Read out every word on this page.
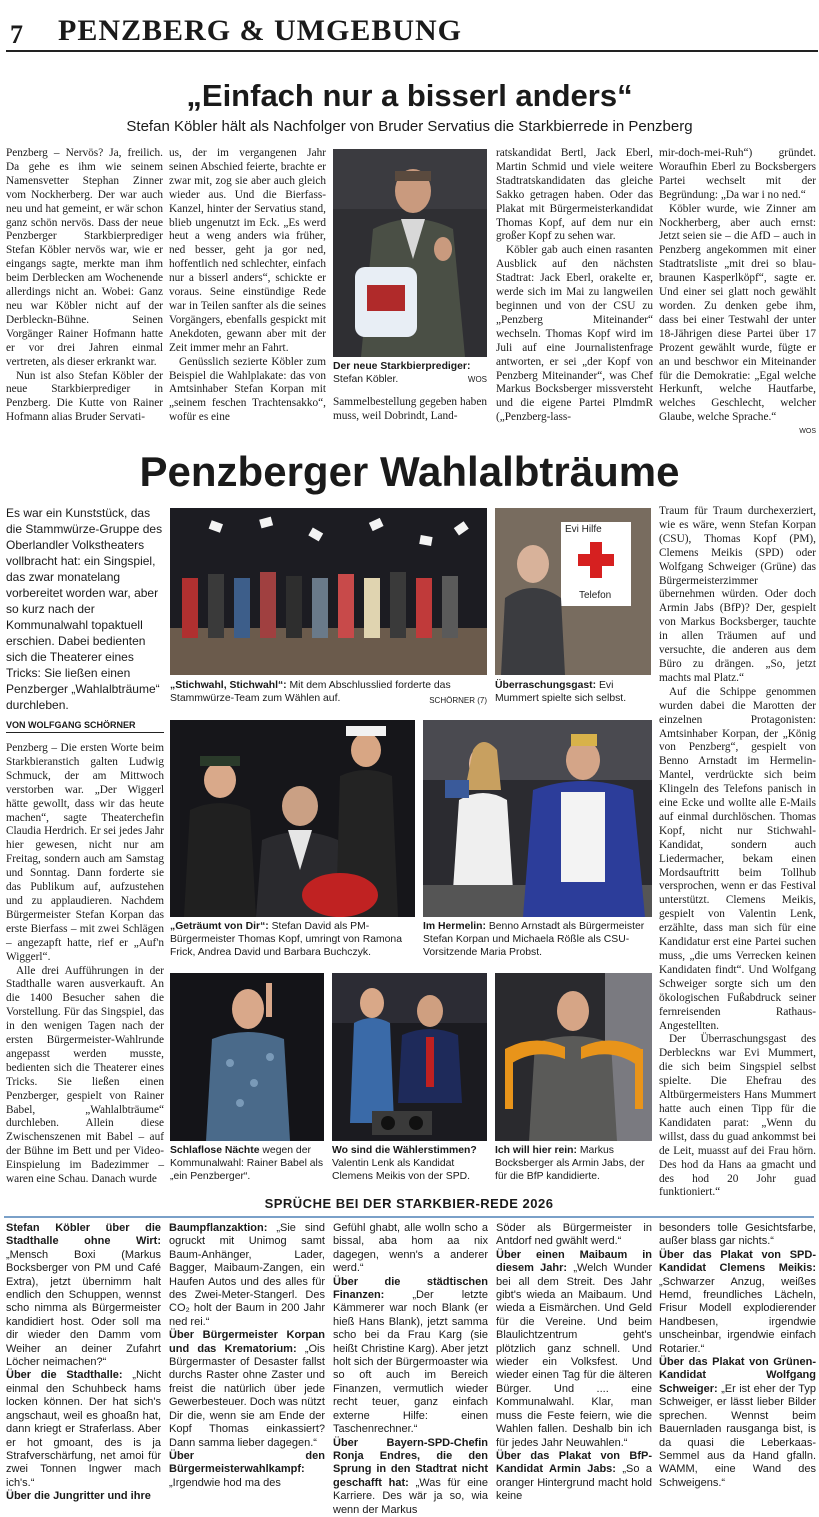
7 PENZBERG & UMGEBUNG
„Einfach nur a bisserl anders“
Stefan Köbler hält als Nachfolger von Bruder Servatius die Starkbierrede in Penzberg

Penzberg – Nervös? Ja, freilich. Da gehe es ihm wie seinem Namensvetter Stephan Zinner vom Nockherberg. Der war auch neu und hat gemeint, er wär schon ganz schön nervös. Dass der neue Penzberger Starkbierprediger Stefan Köbler nervös war, wie er eingangs sagte, merkte man ihm beim Derblecken am Wochenende allerdings nicht an. Wobei: Ganz neu war Köbler nicht auf der Derbleckn-Bühne. Seinen Vorgänger Rainer Hofmann hatte er vor drei Jahren einmal vertreten, als dieser erkrankt war.

Nun ist also Stefan Köbler der neue Starkbierprediger in Penzberg. Die Kutte von Rainer Hofmann alias Bruder Servati-

us, der im vergangenen Jahr seinen Abschied feierte, brachte er zwar mit, zog sie aber auch gleich wieder aus. Und die Bierfass-Kanzel, hinter der Servatius stand, blieb ungenutzt im Eck. „Es werd heut a weng anders wia früher, ned besser, geht ja gor ned, hoffentlich ned schlechter, einfach nur a bisserl anders“, schickte er voraus. Seine einstündige Rede war in Teilen sanfter als die seines Vorgängers, ebenfalls gespickt mit Anekdoten, gewann aber mit der Zeit immer mehr an Fahrt.

Genüsslich sezierte Köbler zum Beispiel die Wahlplakate: das von Amtsinhaber Stefan Korpan mit „seinem feschen Trachtensakko“, wofür es eine

Der neue Starkbierprediger:
Stefan Köbler.	WOS
Sammelbestellung gegeben haben muss, weil Dobrindt, Land-

ratskandidat Bertl, Jack Eberl, Martin Schmid und viele weitere Stadtratskandidaten das gleiche Sakko getragen haben. Oder das Plakat mit Bürgermeisterkandidat Thomas Kopf, auf dem nur ein großer Kopf zu sehen war.

Köbler gab auch einen rasanten Ausblick auf den nächsten Stadtrat: Jack Eberl, orakelte er, werde sich im Mai zu langweilen beginnen und von der CSU zu „Penzberg Miteinander“ wechseln. Thomas Kopf wird im Juli auf eine Journalistenfrage antworten, er sei „der Kopf von Penzberg Miteinander“, was Chef Markus Bocksberger missversteht und die eigene Partei PlmdmR („Penzberg-lass-

mir-doch-mei-Ruh“) gründet. Woraufhin Eberl zu Bocksbergers Partei wechselt mit der Begründung: „Da war i no ned.“

Köbler wurde, wie Zinner am Nockherberg, aber auch ernst: Jetzt seien sie – die AfD – auch in Penzberg angekommen mit einer Stadtratsliste „mit drei so blau-braunen Kasperlköpf“, sagte er. Und einer sei glatt noch gewählt worden. Zu denken gebe ihm, dass bei einer Testwahl der unter 18-Jährigen diese Partei über 17 Prozent gewählt wurde, fügte er an und beschwor ein Miteinander für die Demokratie: „Egal welche Herkunft, welche Hautfarbe, welches Geschlecht, welcher Glaube, welche Sprache.“

WOS
Penzberger Wahlalbträume
Es war ein Kunststück, das die Stammwürze-Gruppe des Oberlandler Volkstheaters vollbracht hat: ein Singspiel, das zwar monatelang vorbereitet worden war, aber so kurz nach der Kommunalwahl topaktuell erschien. Dabei bedienten sich die Theaterer eines Tricks: Sie ließen einen Penzberger „Wahlalbträume“ durchleben.
VON WOLFGANG SCHÖRNER

Penzberg – Die ersten Worte beim Starkbieranstich galten Ludwig Schmuck, der am Mittwoch verstorben war. „Der Wiggerl hätte gewollt, dass wir das heute machen“, sagte Theaterchefin Claudia Herdrich. Er sei jedes Jahr hier gewesen, nicht nur am Freitag, sondern auch am Samstag und Sonntag. Dann forderte sie das Publikum auf, aufzustehen und zu applaudieren. Nachdem Bürgermeister Stefan Korpan das erste Bierfass – mit zwei Schlägen – angezapft hatte, rief er „Auf'n Wiggerl“.

Alle drei Aufführungen in der Stadthalle waren ausverkauft. An die 1400 Besucher sahen die Vorstellung. Für das Singspiel, das in den wenigen Tagen nach der ersten Bürgermeister-Wahlrunde angepasst werden musste, bedienten sich die Theaterer eines Tricks. Sie ließen einen Penzberger, gespielt von Rainer Babel, „Wahlalbträume“ durchleben. Allein diese Zwischenszenen mit Babel – auf der Bühne im Bett und per Video-Einspielung im Badezimmer – waren eine Schau. Danach wurde

„Stichwahl, Stichwahl“: Mit dem Abschlusslied forderte das Stammwürze-Team zum Wählen auf.	SCHÖRNER (7)
Evi Hilfe
Telefon
Überraschungsgast: Evi Mummert spielte sich selbst.
„Geträumt von Dir“: Stefan David als PM-Bürgermeister Thomas Kopf, umringt von Ramona Frick, Andrea David und Barbara Buchczyk.
Im Hermelin: Benno Arnstadt als Bürgermeister Stefan Korpan und Michaela Rößle als CSU-Vorsitzende Maria Probst.
Schlaflose Nächte wegen der Kommunalwahl: Rainer Babel als „ein Penzberger“.
Wo sind die Wählerstimmen? Valentin Lenk als Kandidat Clemens Meikis von der SPD.
Ich will hier rein: Markus Bocksberger als Armin Jabs, der für die BfP kandidierte.

Traum für Traum durchexerziert, wie es wäre, wenn Stefan Korpan (CSU), Thomas Kopf (PM), Clemens Meikis (SPD) oder Wolfgang Schweiger (Grüne) das Bürgermeisterzimmer übernehmen würden. Oder doch Armin Jabs (BfP)? Der, gespielt von Markus Bocksberger, tauchte in allen Träumen auf und versuchte, die anderen aus dem Büro zu drängen. „So, jetzt machts mal Platz.“

Auf die Schippe genommen wurden dabei die Marotten der einzelnen Protagonisten: Amtsinhaber Korpan, der „König von Penzberg“, gespielt von Benno Arnstadt im Hermelin-Mantel, verdrückte sich beim Klingeln des Telefons panisch in eine Ecke und wollte alle E-Mails auf einmal durchlöschen. Thomas Kopf, nicht nur Stichwahl-Kandidat, sondern auch Liedermacher, bekam einen Mordsauftritt beim Tollhub versprochen, wenn er das Festival unterstützt. Clemens Meikis, gespielt von Valentin Lenk, erzählte, dass man sich für eine Kandidatur erst eine Partei suchen muss, „die ums Verrecken keinen Kandidaten findt“. Und Wolfgang Schweiger sorgte sich um den ökologischen Fußabdruck seiner fernreisenden Rathaus-Angestellten.

Der Überraschungsgast des Derbleckns war Evi Mummert, die sich beim Singspiel selbst spielte. Die Ehefrau des Altbürgermeisters Hans Mummert hatte auch einen Tipp für die Kandidaten parat: „Wenn du willst, dass du guad ankommst bei de Leit, muasst auf dei Frau hörn. Des hod da Hans aa gmacht und des hod 20 Johr guad funktioniert.“

SPRÜCHE BEI DER STARKBIER-REDE 2026
Stefan Köbler über die Stadthalle ohne Wirt: „Mensch Boxi (Markus Bocksberger von PM und Café Extra), jetzt übernimm halt endlich den Schuppen, wennst scho nimma als Bürgermeister kandidiert host. Oder soll ma dir wieder den Damm vom Weiher an deiner Zufahrt Löcher neimachen?“
Über die Stadthalle: „Nicht einmal den Schuhbeck hams locken können. Der hat sich's angschaut, weil es ghoaßn hat, dann kriegt er Straferlass. Aber er hot gmoant, des is ja Strafverschärfung, net amoi für zwei Tonnen Ingwer mach ich's.“
Über die Jungritter und ihre
Baumpflanzaktion: „Sie sind ogruckt mit Unimog samt Baum-Anhänger, Lader, Bagger, Maibaum-Zangen, ein Haufen Autos und des alles für des Zwei-Meter-Stangerl. Des CO₂ holt der Baum in 200 Jahr ned rei.“
Über Bürgermeister Korpan und das Krematorium: „Ois Bürgermaster of Desaster fallst durchs Raster ohne Zaster und freist die natürlich über jede Gewerbesteuer. Doch was nützt Dir die, wenn sie am Ende der Kopf Thomas einkassiert? Dann samma lieber dagegen.“
Über den Bürgermeisterwahlkampf: „Irgendwie hod ma des
Gefühl ghabt, alle wolln scho a bissal, aba hom aa nix dagegen, wenn's a anderer werd.“
Über die städtischen Finanzen:	„Der letzte Kämmerer war noch Blank (er hieß Hans Blank), jetzt samma scho bei da Frau Karg (sie heißt Christine Karg). Aber jetzt holt sich der Bürgermoaster wia so oft auch im Bereich Finanzen, vermutlich wieder recht teuer, ganz einfach externe Hilfe: einen Taschenrechner.“
Über Bayern-SPD-Chefin Ronja Endres, die den Sprung in den Stadtrat nicht geschafft hat: „Was für eine Karriere. Des wär ja so, wia wenn der Markus
Söder als Bürgermeister in Antdorf ned gwählt werd.“
Über einen Maibaum in diesem Jahr: „Welch Wunder bei all dem Streit. Des Jahr gibt's wieda an Maibaum. Und wieda a Eismärchen. Und Geld für die Vereine. Und beim Blaulichtzentrum geht's plötzlich ganz schnell. Und wieder ein Volksfest. Und wieder einen Tag für die älteren Bürger. Und .... eine Kommunalwahl. Klar, man muss die Feste feiern, wie die Wahlen fallen. Deshalb bin ich für jedes Jahr Neuwahlen.“
Über das Plakat von BfP-Kandidat Armin Jabs: „So a oranger Hintergrund macht hold keine
besonders tolle Gesichtsfarbe, außer blass gar nichts.“
Über das Plakat von SPD-Kandidat Clemens Meikis: „Schwarzer Anzug, weißes Hemd, freundliches Lächeln, Frisur Modell explodierender Handbesen, irgendwie unscheinbar, irgendwie einfach Rotarier.“
Über das Plakat von Grünen-Kandidat Wolfgang Schweiger: „Er ist eher der Typ Schweiger, er lässt lieber Bilder sprechen. Wennst beim Bauernladen rausganga bist, is da quasi die Leberkaas-Semmel aus da Hand gfalln. WAMM, eine Wand des Schweigens.“
